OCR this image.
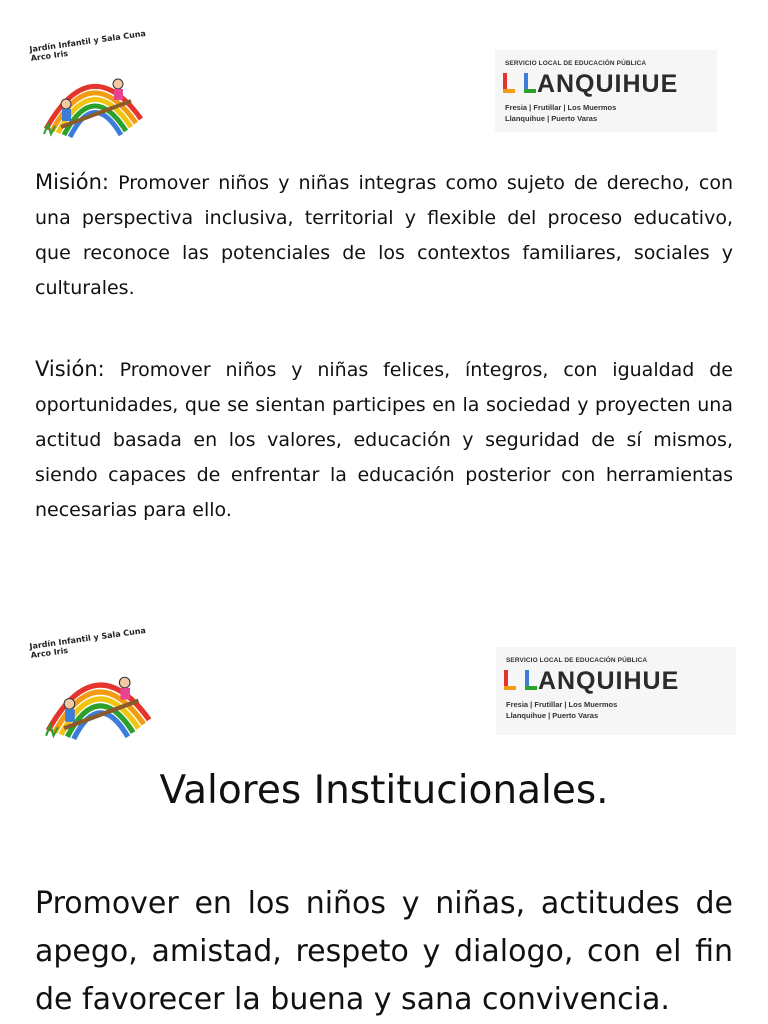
Jardín Infantil y Sala Cuna Arco Iris
SERVICIO LOCAL DE EDUCACIÓN PÚBLICA

ANQUIHUE
Fresia | Frutillar | Los Muermos
Llanquihue | Puerto Varas
Misión: Promover niños y niñas integras como sujeto de derecho, con una perspectiva inclusiva, territorial y flexible del proceso educativo, que reconoce las potenciales de los contextos familiares, sociales y culturales.
Visión: Promover niños y niñas felices, íntegros, con igualdad de oportunidades, que se sientan participes en la sociedad y proyecten una actitud basada en los valores, educación y seguridad de sí mismos, siendo capaces de enfrentar la educación posterior con herramientas necesarias para ello.
Jardín Infantil y Sala Cuna Arco Iris
SERVICIO LOCAL DE EDUCACIÓN PÚBLICA

ANQUIHUE
Fresia | Frutillar | Los Muermos
Llanquihue | Puerto Varas
Valores Institucionales.
Promover en los niños y niñas, actitudes de apego, amistad, respeto y dialogo, con el fin de favorecer la buena y sana convivencia.
